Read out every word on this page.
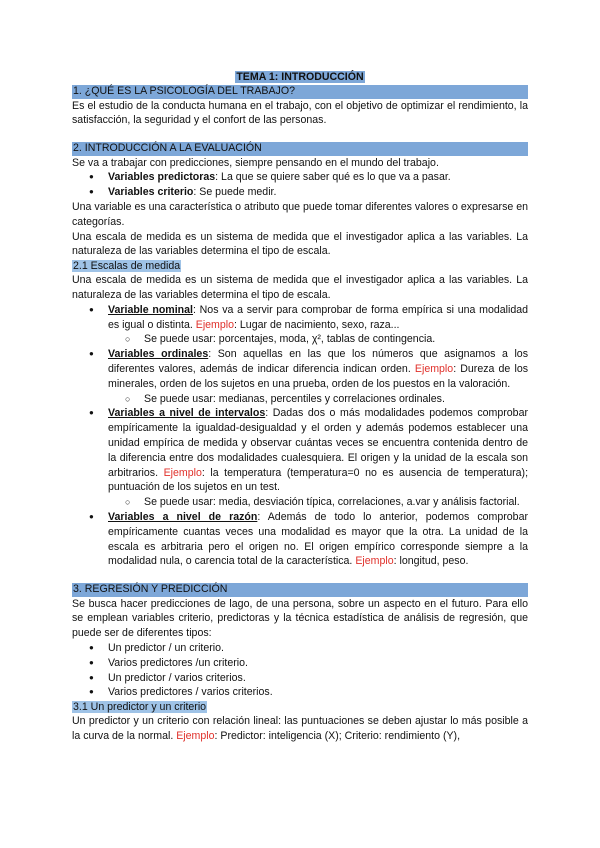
TEMA 1: INTRODUCCIÓN
1. ¿QUÉ ES LA PSICOLOGÍA DEL TRABAJO?

Es el estudio de la conducta humana en el trabajo, con el objetivo de optimizar el rendimiento, la satisfacción, la seguridad y el confort de las personas.

2. INTRODUCCIÓN A LA EVALUACIÓN

Se va a trabajar con predicciones, siempre pensando en el mundo del trabajo.

● Variables predictoras: La que se quiere saber qué es lo que va a pasar.
● Variables criterio: Se puede medir.

Una variable es una característica o atributo que puede tomar diferentes valores o expresarse en categorías.

Una escala de medida es un sistema de medida que el investigador aplica a las variables. La naturaleza de las variables determina el tipo de escala.

2.1 Escalas de medida

Una escala de medida es un sistema de medida que el investigador aplica a las variables. La naturaleza de las variables determina el tipo de escala.

● Variable nominal: Nos va a servir para comprobar de forma empírica si una modalidad es igual o distinta. Ejemplo: Lugar de nacimiento, sexo, raza...
○ Se puede usar: porcentajes, moda, χ², tablas de contingencia.
● Variables ordinales: Son aquellas en las que los números que asignamos a los diferentes valores, además de indicar diferencia indican orden. Ejemplo: Dureza de los minerales, orden de los sujetos en una prueba, orden de los puestos en la valoración.
○ Se puede usar: medianas, percentiles y correlaciones ordinales.
● Variables a nivel de intervalos: Dadas dos o más modalidades podemos comprobar empíricamente la igualdad-desigualdad y el orden y además podemos establecer una unidad empírica de medida y observar cuántas veces se encuentra contenida dentro de la diferencia entre dos modalidades cualesquiera. El origen y la unidad de la escala son arbitrarios. Ejemplo: la temperatura (temperatura=0 no es ausencia de temperatura); puntuación de los sujetos en un test.
○ Se puede usar: media, desviación típica, correlaciones, a.var y análisis factorial.
● Variables a nivel de razón: Además de todo lo anterior, podemos comprobar empíricamente cuantas veces una modalidad es mayor que la otra. La unidad de la escala es arbitraria pero el origen no. El origen empírico corresponde siempre a la modalidad nula, o carencia total de la característica. Ejemplo: longitud, peso.
3. REGRESIÓN Y PREDICCIÓN

Se busca hacer predicciones de lago, de una persona, sobre un aspecto en el futuro. Para ello se emplean variables criterio, predictoras y la técnica estadística de análisis de regresión, que puede ser de diferentes tipos:

● Un predictor / un criterio.
● Varios predictores /un criterio.
● Un predictor / varios criterios.
● Varios predictores / varios criterios.
3.1 Un predictor y un criterio

Un predictor y un criterio con relación lineal: las puntuaciones se deben ajustar lo más posible a la curva de la normal. Ejemplo: Predictor: inteligencia (X); Criterio: rendimiento (Y),
